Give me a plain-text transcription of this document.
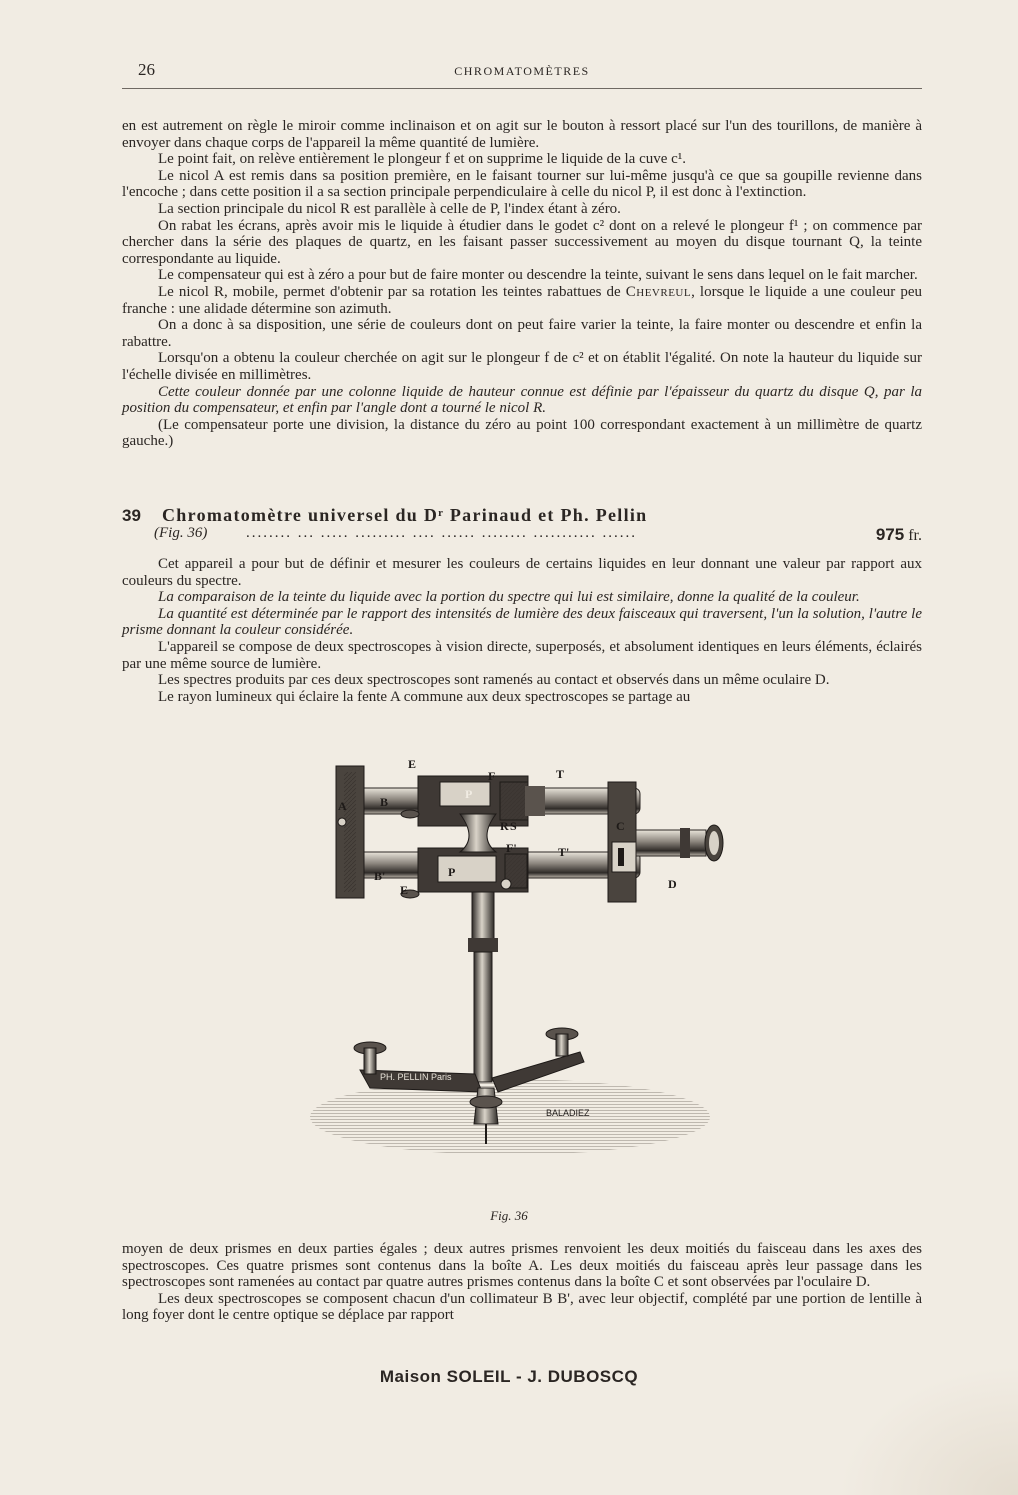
26	CHROMATOMÈTRES

en est autrement on règle le miroir comme inclinaison et on agit sur le bouton à ressort placé sur l'un des tourillons, de manière à envoyer dans chaque corps de l'appareil la même quantité de lumière.

Le point fait, on relève entièrement le plongeur f et on supprime le liquide de la cuve c¹.

Le nicol A est remis dans sa position première, en le faisant tourner sur lui-même jusqu'à ce que sa goupille revienne dans l'encoche ; dans cette position il a sa section principale perpendiculaire à celle du nicol P, il est donc à l'extinction.

La section principale du nicol R est parallèle à celle de P, l'index étant à zéro.

On rabat les écrans, après avoir mis le liquide à étudier dans le godet c² dont on a relevé le plongeur f¹ ; on commence par chercher dans la série des plaques de quartz, en les faisant passer successivement au moyen du disque tournant Q, la teinte correspondante au liquide.

Le compensateur qui est à zéro a pour but de faire monter ou descendre la teinte, suivant le sens dans lequel on le fait marcher.

Le nicol R, mobile, permet d'obtenir par sa rotation les teintes rabattues de Chevreul, lorsque le liquide a une couleur peu franche : une alidade détermine son azimuth.

On a donc à sa disposition, une série de couleurs dont on peut faire varier la teinte, la faire monter ou descendre et enfin la rabattre.

Lorsqu'on a obtenu la couleur cherchée on agit sur le plongeur f de c² et on établit l'égalité. On note la hauteur du liquide sur l'échelle divisée en millimètres.

Cette couleur donnée par une colonne liquide de hauteur connue est définie par l'épaisseur du quartz du disque Q, par la position du compensateur, et enfin par l'angle dont a tourné le nicol R.

(Le compensateur porte une division, la distance du zéro au point 100 correspondant exactement à un millimètre de quartz gauche.)

39 Chromatomètre universel du Dʳ Parinaud et Ph. Pellin
(Fig. 36)	........ ... ..... ......... .... ...... ........ ........... ......	975 fr.

Cet appareil a pour but de définir et mesurer les couleurs de certains liquides en leur donnant une valeur par rapport aux couleurs du spectre.

La comparaison de la teinte du liquide avec la portion du spectre qui lui est similaire, donne la qualité de la couleur.

La quantité est déterminée par le rapport des intensités de lumière des deux faisceaux qui traversent, l'un la solution, l'autre le prisme donnant la couleur considérée.

L'appareil se compose de deux spectroscopes à vision directe, superposés, et absolument identiques en leurs éléments, éclairés par une même source de lumière.

Les spectres produits par ces deux spectroscopes sont ramenés au contact et observés dans un même oculaire D.

Le rayon lumineux qui éclaire la fente A commune aux deux spectroscopes se partage au

A	B
B'
C
D
E
E
F
F'
P
P
R S
T
T'
PH. PELLIN Paris
BALADIEZ
Fig. 36

moyen de deux prismes en deux parties égales ; deux autres prismes renvoient les deux moitiés du faisceau dans les axes des spectroscopes. Ces quatre prismes sont contenus dans la boîte A. Les deux moitiés du faisceau après leur passage dans les spectroscopes sont ramenées au contact par quatre autres prismes contenus dans la boîte C et sont observées par l'oculaire D.

Les deux spectroscopes se composent chacun d'un collimateur B B', avec leur objectif, complété par une portion de lentille à long foyer dont le centre optique se déplace par rapport

Maison SOLEIL - J. DUBOSCQ
